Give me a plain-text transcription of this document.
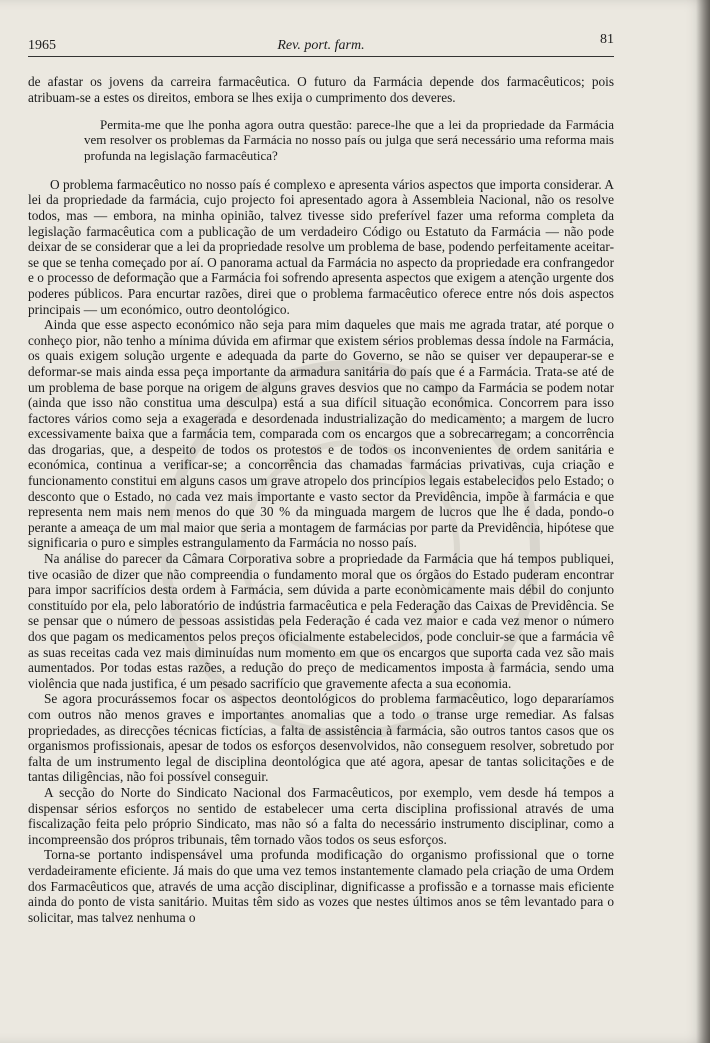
1965	Rev. port. farm.	81

de afastar os jovens da carreira farmacêutica. O futuro da Farmácia depende dos farmacêuticos; pois atribuam-se a estes os direitos, embora se lhes exija o cumprimento dos deveres.

Permita-me que lhe ponha agora outra questão: parece-lhe que a lei da propriedade da Farmácia vem resolver os problemas da Farmácia no nosso país ou julga que será necessário uma reforma mais profunda na legislação farmacêutica?

O problema farmacêutico no nosso país é complexo e apresenta vários aspectos que importa considerar. A lei da propriedade da farmácia, cujo projecto foi apresentado agora à Assembleia Nacional, não os resolve todos, mas — embora, na minha opinião, talvez tivesse sido preferível fazer uma reforma completa da legislação farmacêutica com a publicação de um verdadeiro Código ou Estatuto da Farmácia — não pode deixar de se considerar que a lei da propriedade resolve um problema de base, podendo perfeitamente aceitar-se que se tenha começado por aí. O panorama actual da Farmácia no aspecto da propriedade era confrangedor e o processo de deformação que a Farmácia foi sofrendo apresenta aspectos que exigem a atenção urgente dos poderes públicos. Para encurtar razões, direi que o problema farmacêutico oferece entre nós dois aspectos principais — um económico, outro deontológico.

Ainda que esse aspecto económico não seja para mim daqueles que mais me agrada tratar, até porque o conheço pior, não tenho a mínima dúvida em afirmar que existem sérios problemas dessa índole na Farmácia, os quais exigem solução urgente e adequada da parte do Governo, se não se quiser ver depauperar-se e deformar-se mais ainda essa peça importante da armadura sanitária do país que é a Farmácia. Trata-se até de um problema de base porque na origem de alguns graves desvios que no campo da Farmácia se podem notar (ainda que isso não constitua uma desculpa) está a sua difícil situação económica. Concorrem para isso factores vários como seja a exagerada e desordenada industrialização do medicamento; a margem de lucro excessivamente baixa que a farmácia tem, comparada com os encargos que a sobrecarregam; a concorrência das drogarias, que, a despeito de todos os protestos e de todos os inconvenientes de ordem sanitária e económica, continua a verificar-se; a concorrência das chamadas farmácias privativas, cuja criação e funcionamento constitui em alguns casos um grave atropelo dos princípios legais estabelecidos pelo Estado; o desconto que o Estado, no cada vez mais importante e vasto sector da Previdência, impõe à farmácia e que representa nem mais nem menos do que 30 % da minguada margem de lucros que lhe é dada, pondo-o perante a ameaça de um mal maior que seria a montagem de farmácias por parte da Previdência, hipótese que significaria o puro e simples estrangulamento da Farmácia no nosso país.

Na análise do parecer da Câmara Corporativa sobre a propriedade da Farmácia que há tempos publiquei, tive ocasião de dizer que não compreendia o fundamento moral que os órgãos do Estado puderam encontrar para impor sacrifícios desta ordem à Farmácia, sem dúvida a parte econòmicamente mais débil do conjunto constituído por ela, pelo laboratório de indústria farmacêutica e pela Federação das Caixas de Previdência. Se se pensar que o número de pessoas assistidas pela Federação é cada vez maior e cada vez menor o número dos que pagam os medicamentos pelos preços oficialmente estabelecidos, pode concluir-se que a farmácia vê as suas receitas cada vez mais diminuídas num momento em que os encargos que suporta cada vez são mais aumentados. Por todas estas razões, a redução do preço de medicamentos imposta à farmácia, sendo uma violência que nada justifica, é um pesado sacrifício que gravemente afecta a sua economia.

Se agora procurássemos focar os aspectos deontológicos do problema farmacêutico, logo depararíamos com outros não menos graves e importantes anomalias que a todo o transe urge remediar. As falsas propriedades, as direcções técnicas fictícias, a falta de assistência à farmácia, são outros tantos casos que os organismos profissionais, apesar de todos os esforços desenvolvidos, não conseguem resolver, sobretudo por falta de um instrumento legal de disciplina deontológica que até agora, apesar de tantas solicitações e de tantas diligências, não foi possível conseguir.

A secção do Norte do Sindicato Nacional dos Farmacêuticos, por exemplo, vem desde há tempos a dispensar sérios esforços no sentido de estabelecer uma certa disciplina profissional através de uma fiscalização feita pelo próprio Sindicato, mas não só a falta do necessário instrumento disciplinar, como a incompreensão dos própros tribunais, têm tornado vãos todos os seus esforços.

Torna-se portanto indispensável uma profunda modificação do organismo profissional que o torne verdadeiramente eficiente. Já mais do que uma vez temos instantemente clamado pela criação de uma Ordem dos Farmacêuticos que, através de uma acção disciplinar, dignificasse a profissão e a tornasse mais eficiente ainda do ponto de vista sanitário. Muitas têm sido as vozes que nestes últimos anos se têm levantado para o solicitar, mas talvez nenhuma o
